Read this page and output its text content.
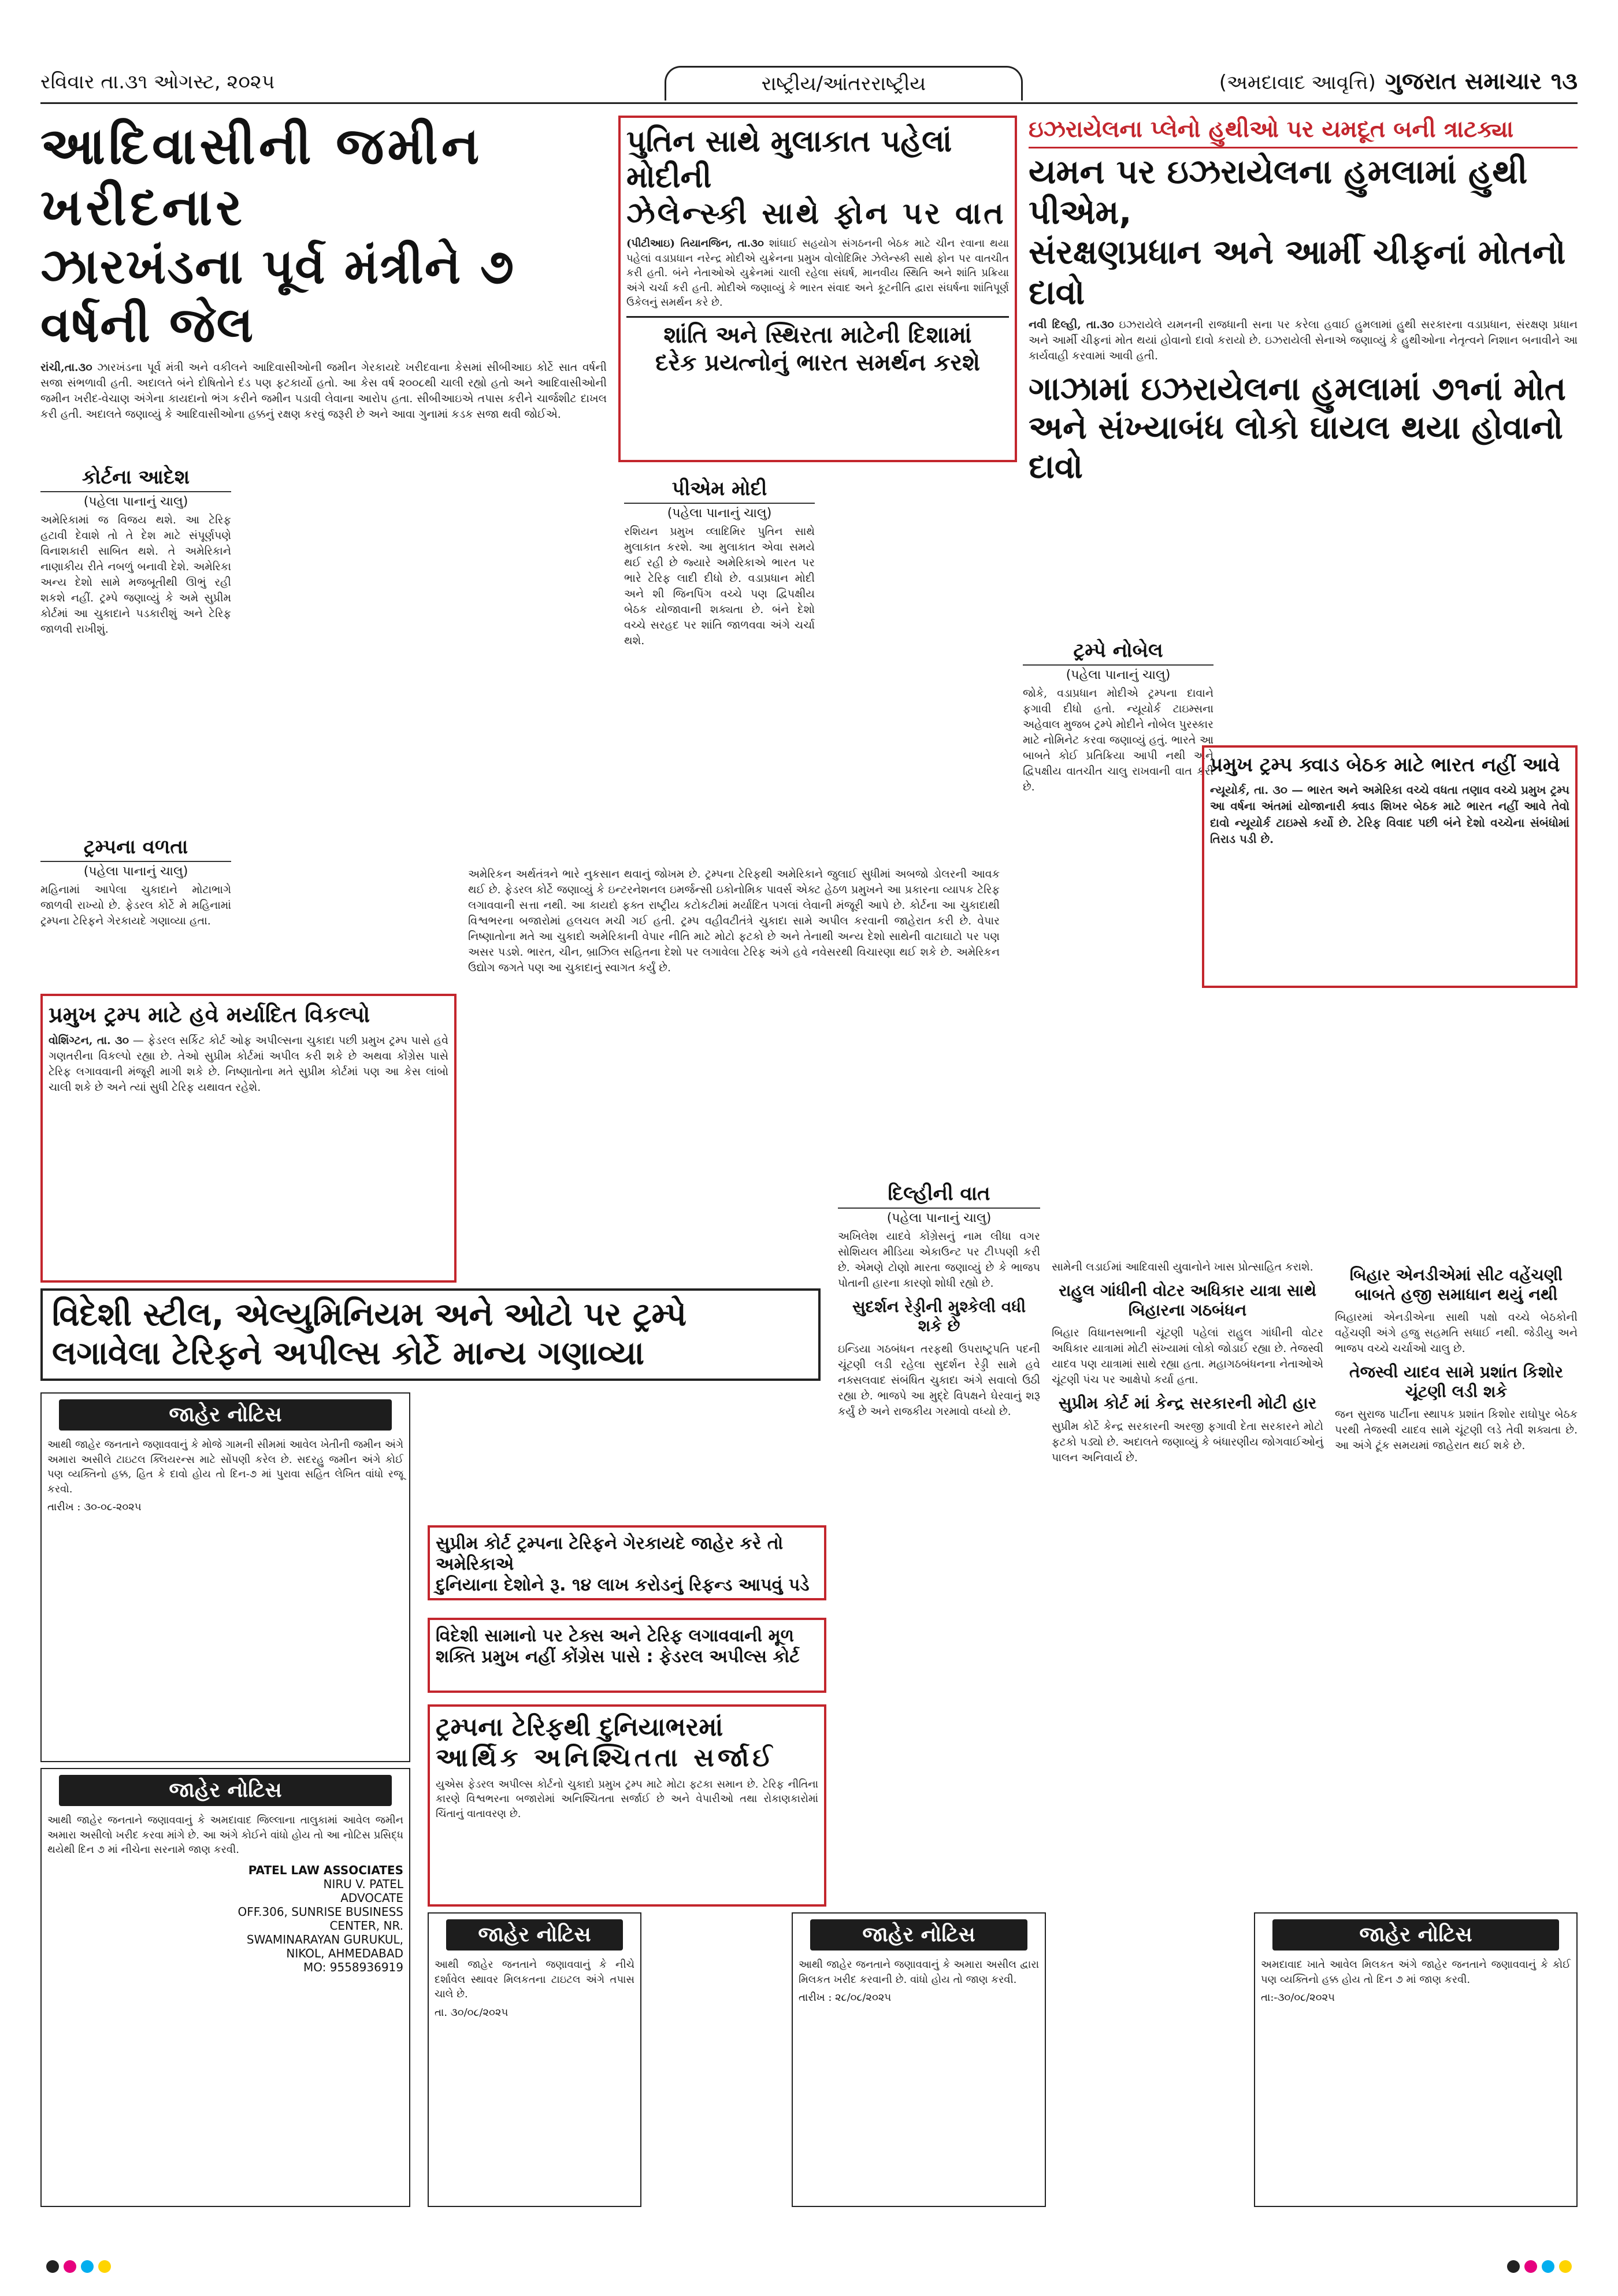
રવિવાર તા.૩૧ ઓગસ્ટ, ૨૦૨૫	રાષ્ટ્રીય/આંતરરાષ્ટ્રીય	(અમદાવાદ આવૃત્તિ) ગુજરાત સમાચાર ૧૩
આદિવાસીની જમીન ખરીદનાર
ઝારખંડના પૂર્વ મંત્રીને ૭ વર્ષની જેલ
રાંચી,તા.૩૦ ઝારખંડના પૂર્વ મંત્રી અને વકીલને આદિવાસીઓની જમીન ગેરકાયદે ખરીદવાના કેસમાં સીબીઆઇ કોર્ટે સાત વર્ષની સજા સંભળાવી હતી. અદાલતે બંને દોષિતોને દંડ પણ ફટકાર્યો હતો. આ કેસ વર્ષ ૨૦૦૮થી ચાલી રહ્યો હતો અને આદિવાસીઓની જમીન ખરીદ-વેચાણ અંગેના કાયદાનો ભંગ કરીને જમીન પડાવી લેવાના આરોપ હતા. સીબીઆઇએ તપાસ કરીને ચાર્જશીટ દાખલ કરી હતી. અદાલતે જણાવ્યું કે આદિવાસીઓના હક્કનું રક્ષણ કરવું જરૂરી છે અને આવા ગુનામાં કડક સજા થવી જોઈએ.
પુતિન સાથે મુલાકાત પહેલાં મોદીની
ઝેલેન્સ્કી સાથે ફોન પર વાત
(પીટીઆઇ) તિયાનજિન, તા.૩૦ શાંઘાઈ સહયોગ સંગઠનની બેઠક માટે ચીન રવાના થયા પહેલાં વડાપ્રધાન નરેન્દ્ર મોદીએ યુક્રેનના પ્રમુખ વોલોદિમિર ઝેલેન્સ્કી સાથે ફોન પર વાતચીત કરી હતી. બંને નેતાઓએ યુક્રેનમાં ચાલી રહેલા સંઘર્ષ, માનવીય સ્થિતિ અને શાંતિ પ્રક્રિયા અંગે ચર્ચા કરી હતી. મોદીએ જણાવ્યું કે ભારત સંવાદ અને કૂટનીતિ દ્વારા સંઘર્ષના શાંતિપૂર્ણ ઉકેલનું સમર્થન કરે છે.
શાંતિ અને સ્થિરતા માટેની દિશામાં
દરેક પ્રયત્નોનું ભારત સમર્થન કરશે
ઇઝરાયેલના પ્લેનો હુથીઓ પર યમદૂત બની ત્રાટક્યા
યમન પર ઇઝરાયેલના હુમલામાં હુથી પીએમ,
સંરક્ષણપ્રધાન અને આર્મી ચીફનાં મોતનો દાવો
નવી દિલ્હી, તા.૩૦ ઇઝરાયેલે યમનની રાજધાની સના પર કરેલા હવાઈ હુમલામાં હુથી સરકારના વડાપ્રધાન, સંરક્ષણ પ્રધાન અને આર્મી ચીફનાં મોત થયાં હોવાનો દાવો કરાયો છે. ઇઝરાયેલી સેનાએ જણાવ્યું કે હુથીઓના નેતૃત્વને નિશાન બનાવીને આ કાર્યવાહી કરવામાં આવી હતી.
ગાઝામાં ઇઝરાયેલના હુમલામાં ૭૧નાં મોત
અને સંખ્યાબંધ લોકો ઘાયલ થયા હોવાનો દાવો
કોર્ટના આદેશ
(પહેલા પાનાનું ચાલુ)
અમેરિકામાં જ વિજય થશે. આ ટેરિફ હટાવી દેવાશે તો તે દેશ માટે સંપૂર્ણપણે વિનાશકારી સાબિત થશે. તે અમેરિકાને નાણાકીય રીતે નબળું બનાવી દેશે. અમેરિકા અન્ય દેશો સામે મજબૂતીથી ઊભું રહી શકશે નહીં. ટ્રમ્પે જણાવ્યું કે અમે સુપ્રીમ કોર્ટમાં આ ચુકાદાને પડકારીશું અને ટેરિફ જાળવી રાખીશું.
પીએમ મોદી
(પહેલા પાનાનું ચાલુ)
રશિયન પ્રમુખ વ્લાદિમિર પુતિન સાથે મુલાકાત કરશે. આ મુલાકાત એવા સમયે થઈ રહી છે જ્યારે અમેરિકાએ ભારત પર ભારે ટેરિફ લાદી દીધો છે. વડાપ્રધાન મોદી અને શી જિનપિંગ વચ્ચે પણ દ્વિપક્ષીય બેઠક યોજાવાની શક્યતા છે. બંને દેશો વચ્ચે સરહદ પર શાંતિ જાળવવા અંગે ચર્ચા થશે.	ટ્રમ્પે નોબેલ
(પહેલા પાનાનું ચાલુ)
જોકે, વડાપ્રધાન મોદીએ ટ્રમ્પના દાવાને ફગાવી દીધો હતો. ન્યૂયોર્ક ટાઇમ્સના અહેવાલ મુજબ ટ્રમ્પે મોદીને નોબેલ પુરસ્કાર માટે નોમિનેટ કરવા જણાવ્યું હતું. ભારતે આ બાબતે કોઈ પ્રતિક્રિયા આપી નથી અને દ્વિપક્ષીય વાતચીત ચાલુ રાખવાની વાત કરી છે.
પ્રમુખ ટ્રમ્પ ક્વાડ બેઠક માટે ભારત નહીં આવે
ન્યૂયોર્ક, તા. ૩૦ — ભારત અને અમેરિકા વચ્ચે વધતા તણાવ વચ્ચે પ્રમુખ ટ્રમ્પ આ વર્ષના અંતમાં યોજાનારી ક્વાડ શિખર બેઠક માટે ભારત નહીં આવે તેવો દાવો ન્યૂયોર્ક ટાઇમ્સે કર્યો છે. ટેરિફ વિવાદ પછી બંને દેશો વચ્ચેના સંબંધોમાં તિરાડ પડી છે.
ટ્રમ્પના વળતા
(પહેલા પાનાનું ચાલુ)
મહિનામાં આપેલા ચુકાદાને મોટાભાગે જાળવી રાખ્યો છે. ફેડરલ કોર્ટે મે મહિનામાં ટ્રમ્પના ટેરિફને ગેરકાયદે ગણાવ્યા હતા.
પ્રમુખ ટ્રમ્પ માટે હવે મર્યાદિત વિકલ્પો
વોશિંગ્ટન, તા. ૩૦ — ફેડરલ સર્કિટ કોર્ટ ઓફ અપીલ્સના ચુકાદા પછી પ્રમુખ ટ્રમ્પ પાસે હવે ગણતરીના વિકલ્પો રહ્યા છે. તેઓ સુપ્રીમ કોર્ટમાં અપીલ કરી શકે છે અથવા કોંગ્રેસ પાસે ટેરિફ લગાવવાની મંજૂરી માગી શકે છે. નિષ્ણાતોના મતે સુપ્રીમ કોર્ટમાં પણ આ કેસ લાંબો ચાલી શકે છે અને ત્યાં સુધી ટેરિફ યથાવત રહેશે.
અમેરિકન અર્થતંત્રને ભારે નુકસાન થવાનું જોખમ છે. ટ્રમ્પના ટેરિફથી અમેરિકાને જુલાઈ સુધીમાં અબજો ડોલરની આવક થઈ છે. ફેડરલ કોર્ટે જણાવ્યું કે ઇન્ટરનેશનલ ઇમર્જન્સી ઇકોનોમિક પાવર્સ એક્ટ હેઠળ પ્રમુખને આ પ્રકારના વ્યાપક ટેરિફ લગાવવાની સત્તા નથી. આ કાયદો ફક્ત રાષ્ટ્રીય કટોકટીમાં મર્યાદિત પગલાં લેવાની મંજૂરી આપે છે. કોર્ટના આ ચુકાદાથી વિશ્વભરના બજારોમાં હલચલ મચી ગઈ હતી. ટ્રમ્પ વહીવટીતંત્રે ચુકાદા સામે અપીલ કરવાની જાહેરાત કરી છે. વેપાર નિષ્ણાતોના મતે આ ચુકાદો અમેરિકાની વેપાર નીતિ માટે મોટો ફટકો છે અને તેનાથી અન્ય દેશો સાથેની વાટાઘાટો પર પણ અસર પડશે. ભારત, ચીન, બ્રાઝિલ સહિતના દેશો પર લગાવેલા ટેરિફ અંગે હવે નવેસરથી વિચારણા થઈ શકે છે. અમેરિકન ઉદ્યોગ જગતે પણ આ ચુકાદાનું સ્વાગત કર્યું છે.
દિલ્હીની વાત
(પહેલા પાનાનું ચાલુ)
અખિલેશ યાદવે કોંગ્રેસનું નામ લીધા વગર સોશિયલ મીડિયા એકાઉન્ટ પર ટીપ્પણી કરી છે. એમણે ટોણો મારતા જણાવ્યું છે કે ભાજપ પોતાની હારના કારણો શોધી રહ્યો છે.
સુદર્શન રેડ્ડીની મુશ્કેલી વધી શકે છે
ઇન્ડિયા ગઠબંધન તરફથી ઉપરાષ્ટ્રપતિ પદની ચૂંટણી લડી રહેલા સુદર્શન રેડ્ડી સામે હવે નક્સલવાદ સંબંધિત ચુકાદા અંગે સવાલો ઉઠી રહ્યા છે. ભાજપે આ મુદ્દે વિપક્ષને ઘેરવાનું શરૂ કર્યું છે અને રાજકીય ગરમાવો વધ્યો છે.
સામેની લડાઈમાં આદિવાસી યુવાનોને ખાસ પ્રોત્સાહિત કરાશે.
રાહુલ ગાંધીની વોટર અધિકાર યાત્રા સાથે બિહારના ગઠબંધન
બિહાર વિધાનસભાની ચૂંટણી પહેલાં રાહુલ ગાંધીની વોટર અધિકાર યાત્રામાં મોટી સંખ્યામાં લોકો જોડાઈ રહ્યા છે. તેજસ્વી યાદવ પણ યાત્રામાં સાથે રહ્યા હતા. મહાગઠબંધનના નેતાઓએ ચૂંટણી પંચ પર આક્ષેપો કર્યા હતા.
સુપ્રીમ કોર્ટ માં કેન્દ્ર સરકારની મોટી હાર
સુપ્રીમ કોર્ટે કેન્દ્ર સરકારની અરજી ફગાવી દેતા સરકારને મોટો ફટકો પડ્યો છે. અદાલતે જણાવ્યું કે બંધારણીય જોગવાઈઓનું પાલન અનિવાર્ય છે.
બિહાર એનડીએમાં સીટ વહેંચણી બાબતે હજી સમાધાન થયું નથી
બિહારમાં એનડીએના સાથી પક્ષો વચ્ચે બેઠકોની વહેંચણી અંગે હજુ સહમતિ સધાઈ નથી. જેડીયુ અને ભાજપ વચ્ચે ચર્ચાઓ ચાલુ છે.
તેજસ્વી યાદવ સામે પ્રશાંત કિશોર ચૂંટણી લડી શકે
જન સુરાજ પાર્ટીના સ્થાપક પ્રશાંત કિશોર રાઘોપુર બેઠક પરથી તેજસ્વી યાદવ સામે ચૂંટણી લડે તેવી શક્યતા છે. આ અંગે ટૂંક સમયમાં જાહેરાત થઈ શકે છે.
વિદેશી સ્ટીલ, એલ્યુમિનિયમ અને ઓટો પર ટ્રમ્પે
લગાવેલા ટેરિફને અપીલ્સ કોર્ટે માન્ય ગણાવ્યા
સુપ્રીમ કોર્ટ ટ્રમ્પના ટેરિફને ગેરકાયદે જાહેર કરે તો અમેરિકાએ
દુનિયાના દેશોને રૂ. ૧૪ લાખ કરોડનું રિફન્ડ આપવું પડે
વિદેશી સામાનો પર ટેક્સ અને ટેરિફ લગાવવાની મૂળ
શક્તિ પ્રમુખ નહીં કોંગ્રેસ પાસે : ફેડરલ અપીલ્સ કોર્ટ
ટ્રમ્પના ટેરિફથી દુનિયાભરમાં
આર્થિક અનિશ્ચિતતા સર્જાઈ
યુએસ ફેડરલ અપીલ્સ કોર્ટનો ચુકાદો પ્રમુખ ટ્રમ્પ માટે મોટા ફટકા સમાન છે. ટેરિફ નીતિના કારણે વિશ્વભરના બજારોમાં અનિશ્ચિતતા સર્જાઈ છે અને વેપારીઓ તથા રોકાણકારોમાં ચિંતાનું વાતાવરણ છે.
જાહેર નોટિસ
આથી જાહેર જનતાને જણાવવાનું કે મોજે ગામની સીમમાં આવેલ ખેતીની જમીન અંગે અમારા અસીલે ટાઇટલ ક્લિયરન્સ માટે સોંપણી કરેલ છે. સદરહુ જમીન અંગે કોઈ પણ વ્યક્તિનો હક્ક, હિત કે દાવો હોય તો દિન-૭ માં પુરાવા સહિત લેખિત વાંધો રજૂ કરવો.
તારીખ : ૩૦-૦૮-૨૦૨૫
જાહેર નોટિસ
આથી જાહેર જનતાને જણાવવાનું કે અમદાવાદ જિલ્લાના તાલુકામાં આવેલ જમીન અમારા અસીલો ખરીદ કરવા માંગે છે. આ અંગે કોઈને વાંધો હોય તો આ નોટિસ પ્રસિદ્ધ થયેથી દિન ૭ માં નીચેના સરનામે જાણ કરવી.
PATEL LAW ASSOCIATES
NIRU V. PATEL
ADVOCATE
OFF.306, SUNRISE BUSINESS
CENTER, NR.
SWAMINARAYAN GURUKUL,
NIKOL, AHMEDABAD
MO: 9558936919
જાહેર નોટિસ
આથી જાહેર જનતાને જણાવવાનું કે નીચે દર્શાવેલ સ્થાવર મિલકતના ટાઇટલ અંગે તપાસ ચાલે છે.
તા. ૩૦/૦૮/૨૦૨૫
જાહેર નોટિસ
આથી જાહેર જનતાને જણાવવાનું કે અમારા અસીલ દ્વારા મિલકત ખરીદ કરવાની છે. વાંધો હોય તો જાણ કરવી.
તારીખ : ૨૮/૦૮/૨૦૨૫
જાહેર નોટિસ
અમદાવાદ ખાતે આવેલ મિલકત અંગે જાહેર જનતાને જણાવવાનું કે કોઈ પણ વ્યક્તિનો હક્ક હોય તો દિન ૭ માં જાણ કરવી.
તા:-૩૦/૦૮/૨૦૨૫
